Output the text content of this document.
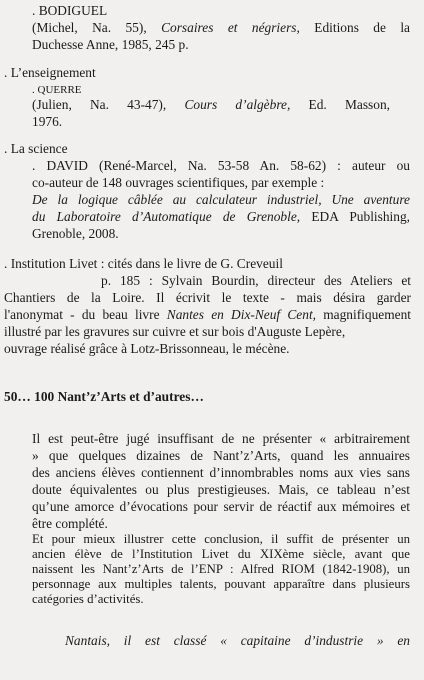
. BODIGUEL
(Michel, Na. 55), Corsaires et négriers, Editions de la
Duchesse Anne, 1985, 245 p.
. L’enseignement
. QUERRE
(Julien, Na. 43-47), Cours d’algèbre, Ed. Masson,
1976.
. La science
. DAVID (René-Marcel, Na. 53-58 An. 58-62) : auteur ou
co-auteur de 148 ouvrages scientifiques, par exemple :
De la logique câblée au calculateur industriel, Une aventure
du Laboratoire d’Automatique de Grenoble, EDA Publishing,
Grenoble, 2008.
. Institution Livet : cités dans le livre de G. Creveuil
p. 185 : Sylvain Bourdin, directeur des Ateliers et
Chantiers de la Loire. Il écrivit le texte - mais désira garder
l'anonymat - du beau livre Nantes en Dix-Neuf Cent, magnifiquement
illustré par les gravures sur cuivre et sur bois d'Auguste Lepère,
ouvrage réalisé grâce à Lotz-Brissonneau, le mécène.
50… 100 Nant’z’Arts et d’autres…
Il est peut-être jugé insuffisant de ne présenter « arbitrairement
» que quelques dizaines de Nant’z’Arts, quand les annuaires
des anciens élèves contiennent d’innombrables noms aux vies sans
doute équivalentes ou plus prestigieuses. Mais, ce tableau n’est
qu’une amorce d’évocations pour servir de réactif aux mémoires et
être complété.
Et pour mieux illustrer cette conclusion, il suffit de présenter un
ancien élève de l’Institution Livet du XIXème siècle, avant que
naissent les Nant’z’Arts de l’ENP : Alfred RIOM (1842-1908), un
personnage aux multiples talents, pouvant apparaître dans plusieurs
catégories d’activités.
Nantais, il est classé « capitaine d’industrie » en
